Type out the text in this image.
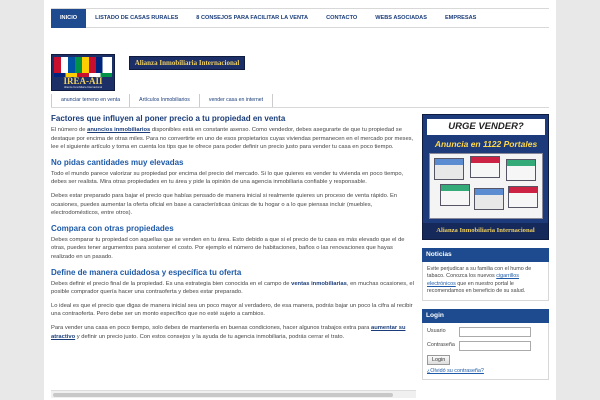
INICIO	LISTADO DE CASAS RURALES	8 CONSEJOS PARA FACILITAR LA VENTA	CONTACTO	WEBS ASOCIADAS	EMPRESAS
IREA-AII
Alianza Inmobiliaria Internacional
Alianza Inmobiliaria Internacional
anunciar terreno en venta	Artículos Inmobiliarios	vender casa en internet
Factores que influyen al poner precio a tu propiedad en venta

El número de anuncios inmobiliarios disponibles está en constante asenso. Como vendedor, debes asegurarte de que tu propiedad se destaque por encima de otras miles. Para no convertirte en uno de esos propietarios cuyas viviendas permanecen en el mercado por meses, lee el siguiente artículo y toma en cuenta los tips que te ofrece para poder definir un precio justo para vender tu casa en poco tiempo.

No pidas cantidades muy elevadas

Todo el mundo parece valorizar su propiedad por encima del precio del mercado. Si lo que quieres es vender tu vivienda en poco tiempo, debes ser realista. Mira otras propiedades en tu área y pide la opinión de una agencia inmobiliaria confiable y responsable.

Debes estar preparado para bajar el precio que habías pensado de manera inicial si realmente quieres un proceso de venta rápido. En ocasiones, puedes aumentar la oferta oficial en base a características únicas de tu hogar o a lo que piensas incluir (muebles, electrodomésticos, entre otros).

Compara con otras propiedades

Debes comparar tu propiedad con aquellas que se venden en tu área. Esto debido a que si el precio de tu casa es más elevado que el de otras, puedes tener argumentos para sostener el costo. Por ejemplo el número de habitaciones, baños o las renovaciones que hayas realizado en un pasado.

Define de manera cuidadosa y específica tu oferta

Debes definir el precio final de la propiedad. Es una estrategia bien conocida en el campo de ventas inmobiliarias, en muchas ocasiones, el posible comprador quería hacer una contraoferta y debes estar preparado.

Lo ideal es que el precio que digas de manera inicial sea un poco mayor al verdadero, de esa manera, podrás bajar un poco la cifra al recibir una contraoferta. Pero debe ser un monto específico que no esté sujeto a cambios.

Para vender una casa en poco tiempo, solo debes de mantenerla en buenas condiciones, hacer algunos trabajos extra para aumentar su atractivo y definir un precio justo. Con estos consejos y la ayuda de tu agencia inmobiliaria, podrás cerrar el trato.

URGE VENDER?
Anuncia en 1122 Portales
Alianza Inmobiliaria Internacional
Noticias
Evite perjudicar a su familia con el humo de tabaco. Conozca los nuevos cigarrillos electrónicos que en nuestro portal le recomendamos en beneficio de su salud.
Login
Usuario
Contraseña
Login
¿Olvidó su contraseña?
